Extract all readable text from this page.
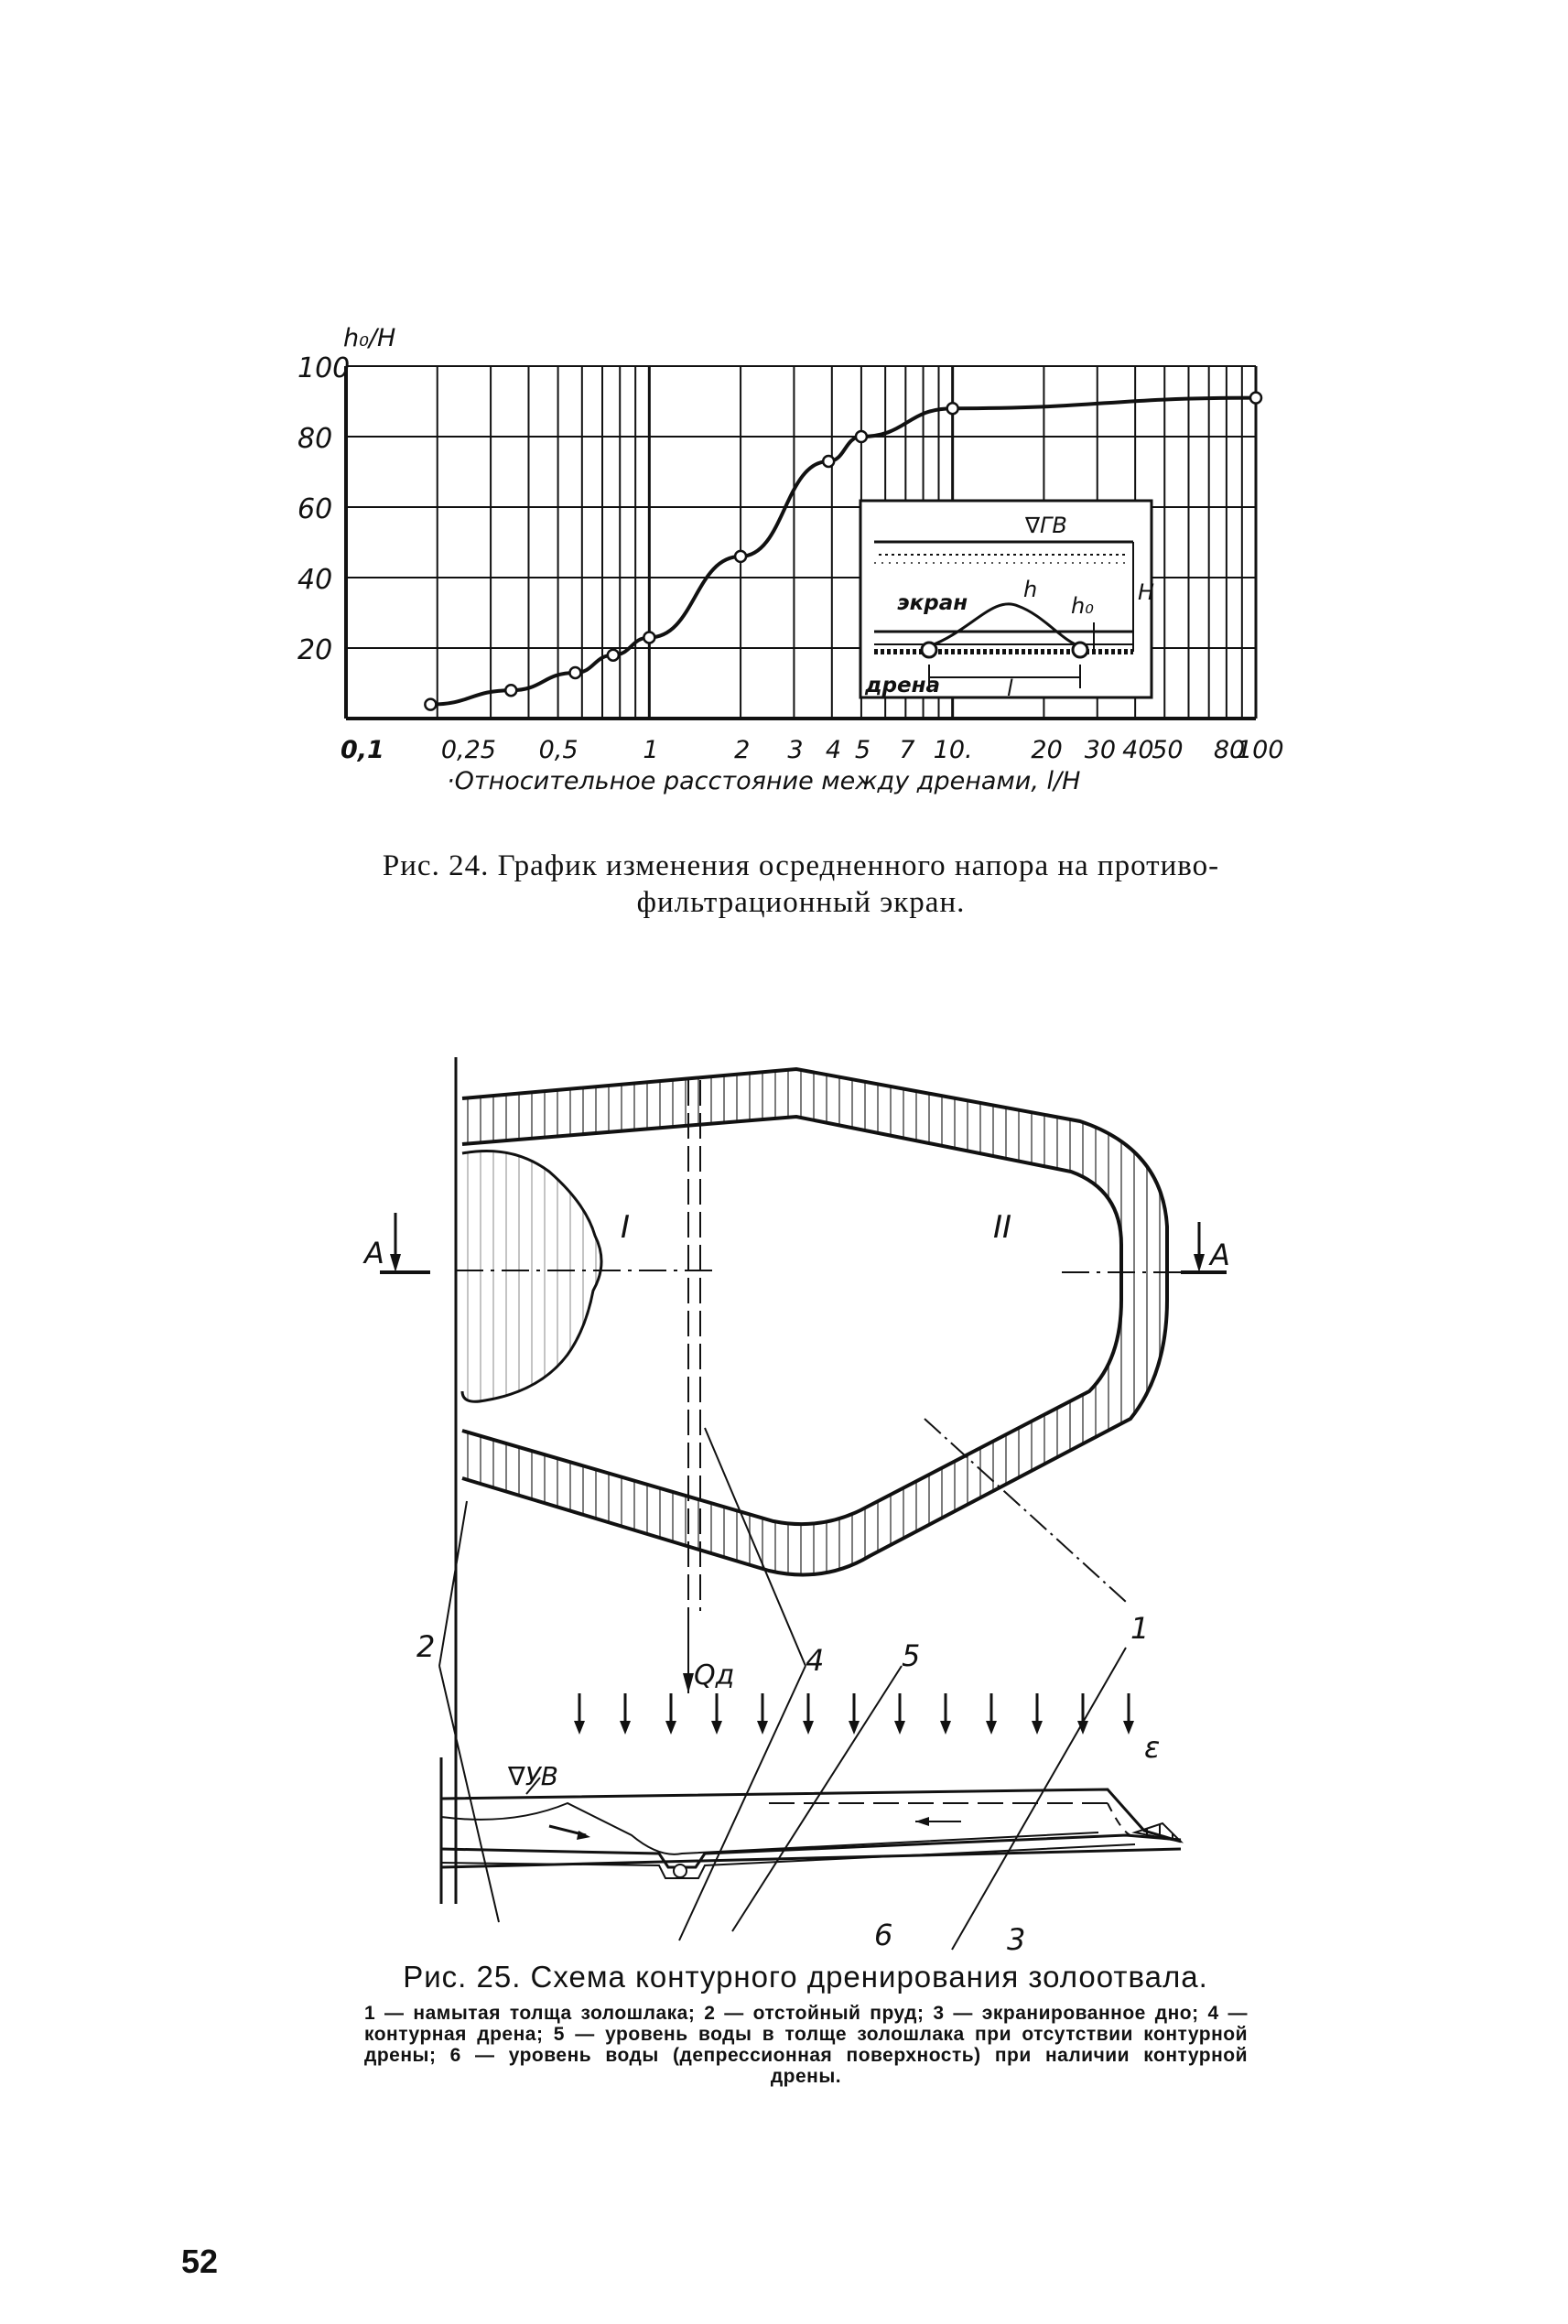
100
80
60
40
20
0,1 0,25 0,5	1	2 3 4 5 7 10. 20 30 40
50 80
100
h₀/H
·Относительное расстояние между дренами, l/H
∇ГВ
экран
h
h₀
H
дрена	l
Рис. 24. График изменения осредненного напора на противо-
фильтрационный экран.
I	II
A	A
Qд
∇УВ
ε
1
2
3
4	5
6
Рис. 25. Схема контурного дренирования золоотвала.
1 — намытая толща золошлака; 2 — отстойный пруд; 3 — экранированное дно; 4 — контурная дрена; 5 — уровень воды в толще золошлака при отсутствии контурной дрены; 6 — уровень воды (депрессионная поверхность) при наличии контурной дрены.
52
